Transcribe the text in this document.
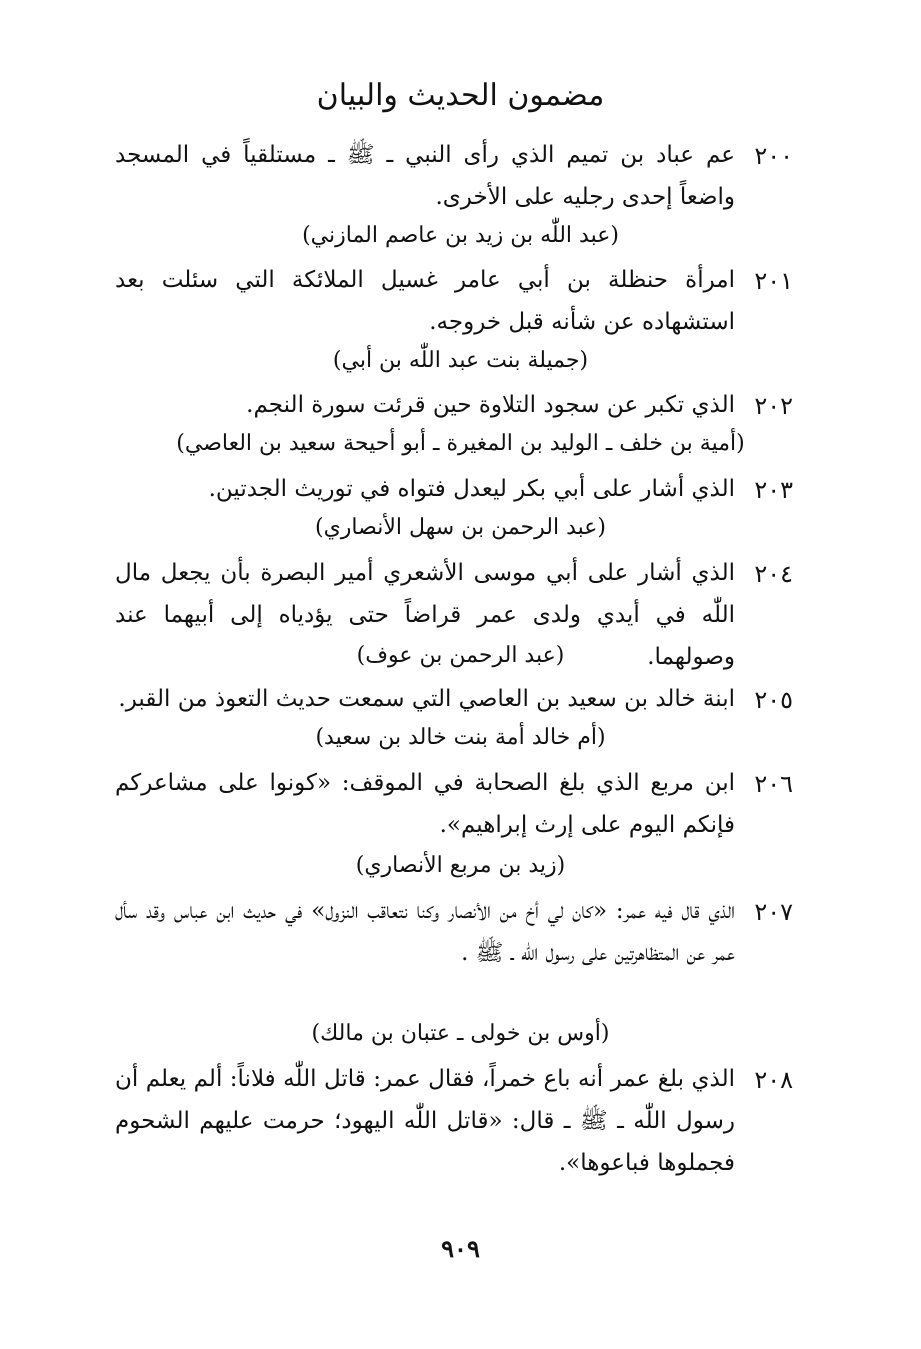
مضمون الحديث والبيان
٢٠٠
عم عباد بن تميم الذي رأى النبي ـ ﷺ ـ مستلقياً في المسجد واضعاً إحدى رجليه على الأخرى.
(عبد اللّٰه بن زيد بن عاصم المازني)
٢٠١
امرأة حنظلة بن أبي عامر غسيل الملائكة التي سئلت بعد استشهاده عن شأنه قبل خروجه.
(جميلة بنت عبد اللّٰه بن أبي)
٢٠٢
الذي تكبر عن سجود التلاوة حين قرئت سورة النجم.
(أمية بن خلف ـ الوليد بن المغيرة ـ أبو أحيحة سعيد بن العاصي)
٢٠٣
الذي أشار على أبي بكر ليعدل فتواه في توريث الجدتين.
(عبد الرحمن بن سهل الأنصاري)
٢٠٤
الذي أشار على أبي موسى الأشعري أمير البصرة بأن يجعل مال اللّٰه في أيدي ولدى عمر قراضاً حتى يؤدياه إلى أبيهما عند وصولهما.
(عبد الرحمن بن عوف)
٢٠٥
ابنة خالد بن سعيد بن العاصي التي سمعت حديث التعوذ من القبر.
(أم خالد أمة بنت خالد بن سعيد)
٢٠٦
ابن مربع الذي بلغ الصحابة في الموقف: «كونوا على مشاعركم فإنكم اليوم على إرث إبراهيم».
(زيد بن مربع الأنصاري)
٢٠٧
الذي قال فيه عمر: «كان لي أخ من الأنصار وكنا نتعاقب النزول» في حديث ابن عباس وقد سأل عمر عن المتظاهرتين على رسول اللّٰه ـ ﷺ .
(أوس بن خولى ـ عتبان بن مالك)
٢٠٨
الذي بلغ عمر أنه باع خمراً، فقال عمر: قاتل اللّٰه فلاناً: ألم يعلم أن رسول اللّٰه ـ ﷺ ـ قال: «قاتل اللّٰه اليهود؛ حرمت عليهم الشحوم فجملوها فباعوها».
٩٠٩
